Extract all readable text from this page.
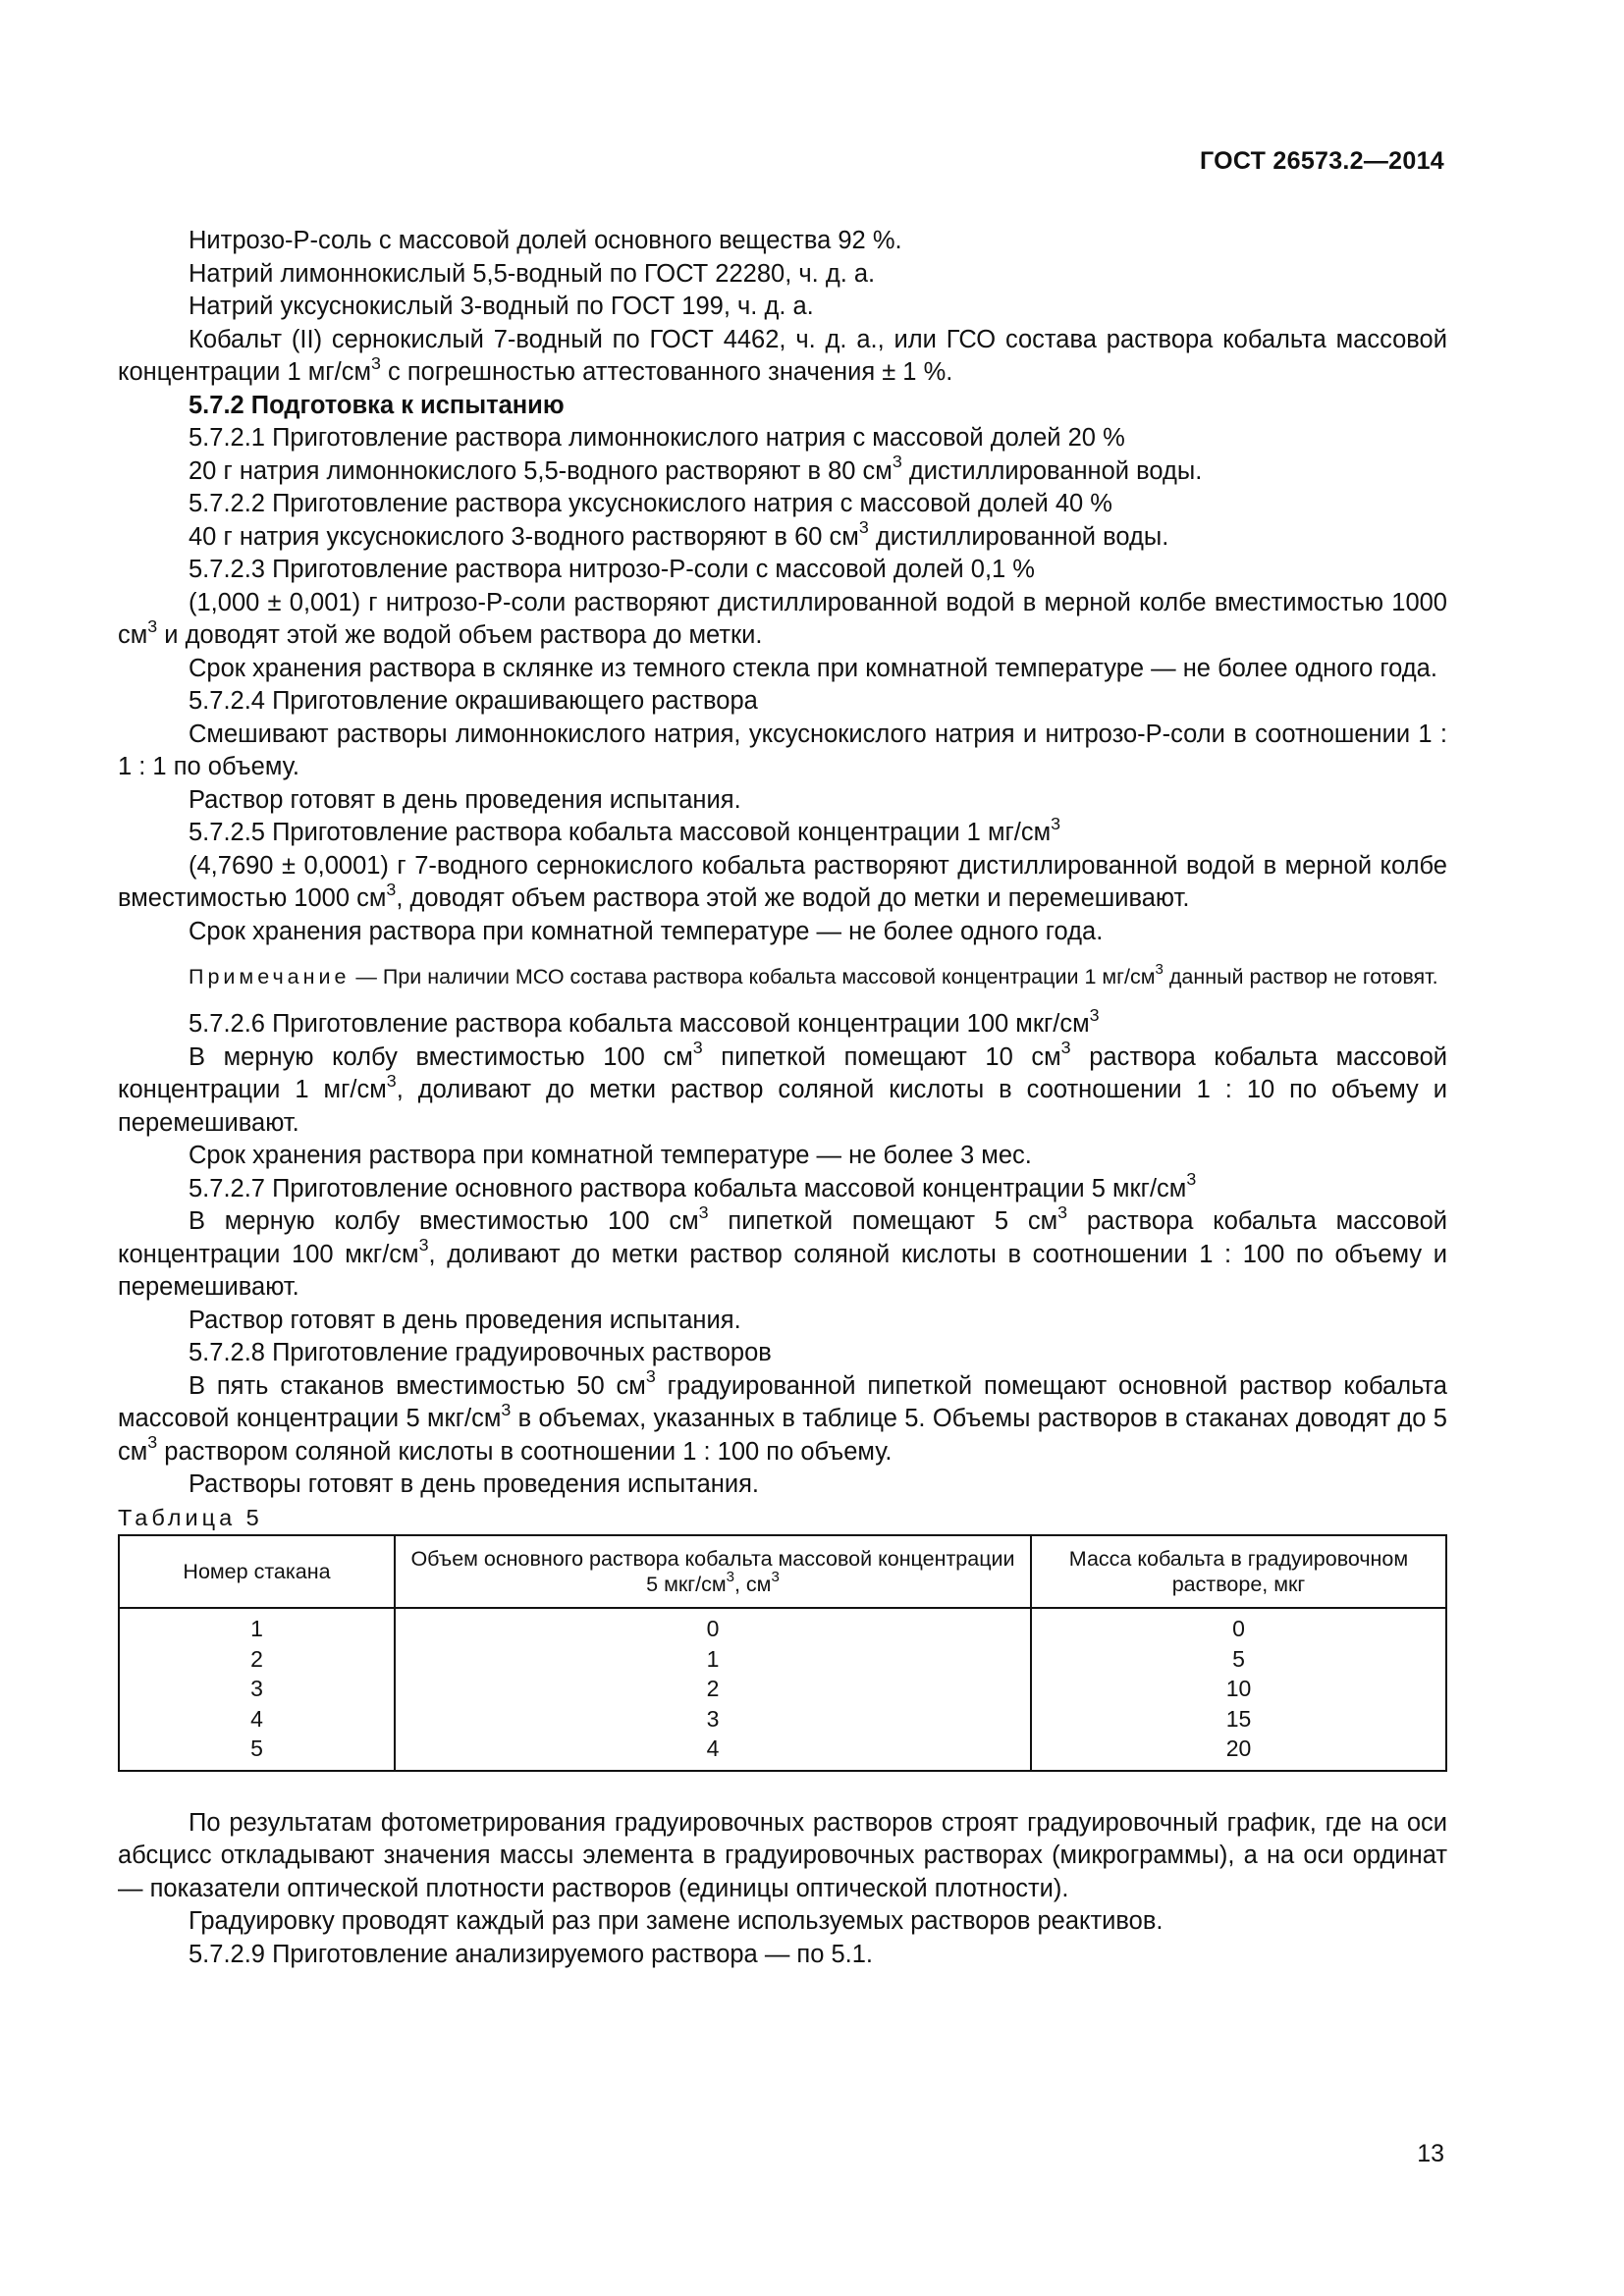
ГОСТ 26573.2—2014

Нитрозо-Р-соль с массовой долей основного вещества 92 %.

Натрий лимоннокислый 5,5-водный по ГОСТ 22280, ч. д. а.

Натрий уксуснокислый 3-водный по ГОСТ 199, ч. д. а.

Кобальт (II) сернокислый 7-водный по ГОСТ 4462, ч. д. а., или ГСО состава раствора кобальта массовой концентрации 1 $мг/см^3$ с погрешностью аттестованного значения ± 1 %.

5.7.2 Подготовка к испытанию

5.7.2.1 Приготовление раствора лимоннокислого натрия с массовой долей 20 %

20 г натрия лимоннокислого 5,5-водного растворяют в 80 $см^3$ дистиллированной воды.

5.7.2.2 Приготовление раствора уксуснокислого натрия с массовой долей 40 %

40 г натрия уксуснокислого 3-водного растворяют в 60 $см^3$ дистиллированной воды.

5.7.2.3 Приготовление раствора нитрозо-Р-соли с массовой долей 0,1 %

(1,000 ± 0,001) г нитрозо-Р-соли растворяют дистиллированной водой в мерной колбе вместимостью 1000 $см^3$ и доводят этой же водой объем раствора до метки.

Срок хранения раствора в склянке из темного стекла при комнатной температуре — не более одного года.

5.7.2.4 Приготовление окрашивающего раствора

Смешивают растворы лимоннокислого натрия, уксуснокислого натрия и нитрозо-Р-соли в соотношении 1 : 1 : 1 по объему.

Раствор готовят в день проведения испытания.

5.7.2.5 Приготовление раствора кобальта массовой концентрации 1 $мг/см^3$

(4,7690 ± 0,0001) г 7-водного сернокислого кобальта растворяют дистиллированной водой в мерной колбе вместимостью 1000 $см^3$, доводят объем раствора этой же водой до метки и перемешивают.

Срок хранения раствора при комнатной температуре — не более одного года.

Примечание — При наличии МСО состава раствора кобальта массовой концентрации 1 $мг/см^3$ данный раствор не готовят.

5.7.2.6 Приготовление раствора кобальта массовой концентрации 100 мкг/$см^3$

В мерную колбу вместимостью 100 $см^3$ пипеткой помещают 10 $см^3$ раствора кобальта массовой концентрации 1 $мг/см^3$, доливают до метки раствор соляной кислоты в соотношении 1 : 10 по объему и перемешивают.

Срок хранения раствора при комнатной температуре — не более 3 мес.

5.7.2.7 Приготовление основного раствора кобальта массовой концентрации 5 мкг/$см^3$

В мерную колбу вместимостью 100 $см^3$ пипеткой помещают 5 $см^3$ раствора кобальта массовой концентрации 100 мкг/$см^3$, доливают до метки раствор соляной кислоты в соотношении 1 : 100 по объему и перемешивают.

Раствор готовят в день проведения испытания.

5.7.2.8 Приготовление градуировочных растворов

В пять стаканов вместимостью 50 $см^3$ градуированной пипеткой помещают основной раствор кобальта массовой концентрации 5 мкг/$см^3$ в объемах, указанных в таблице 5. Объемы растворов в стаканах доводят до 5 $см^3$ раствором соляной кислоты в соотношении 1 : 100 по объему.

Растворы готовят в день проведения испытания.

Таблица 5

Номер стакана	Объем основного раствора кобальта массовой концентрации 5 мкг/$см^3$, $см^3$	Масса кобальта в градуировочном растворе, мкг
1	0	0
2	1	5
3	2	10
4	3	15
5	4	20

По результатам фотометрирования градуировочных растворов строят градуировочный график, где на оси абсцисс откладывают значения массы элемента в градуировочных растворах (микрограммы), а на оси ординат — показатели оптической плотности растворов (единицы оптической плотности).

Градуировку проводят каждый раз при замене используемых растворов реактивов.

5.7.2.9 Приготовление анализируемого раствора — по 5.1.

13
